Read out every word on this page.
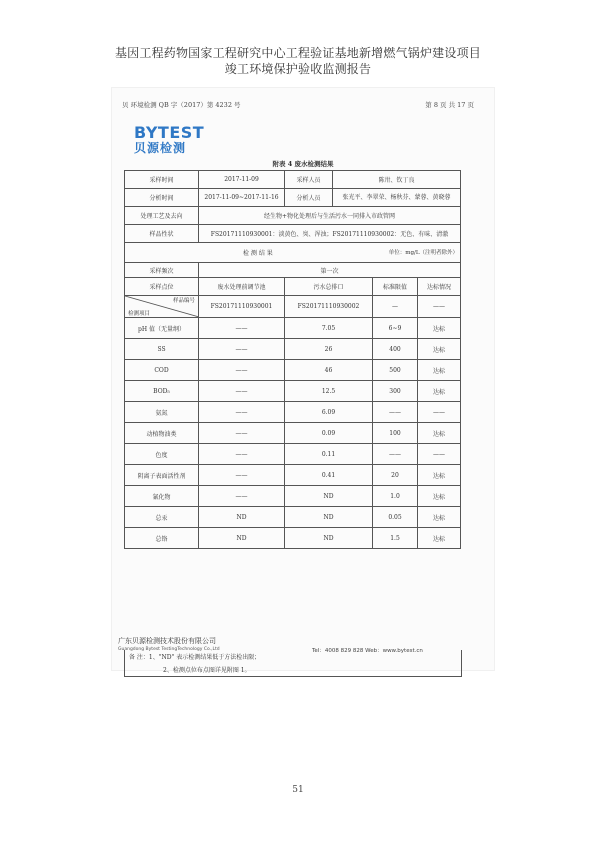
基因工程药物国家工程研究中心工程验证基地新增燃气锅炉建设项目
竣工环境保护验收监测报告
贝 环境检测 QB 字（2017）第 4232 号	第 8 页 共 17 页
BYTEST
贝源检测
附表 4 废水检测结果
采样时间	2017-11-09	采样人员	陈卅、钦丁良		
分析时间	2017-11-09~2017-11-16	分析人员	张光平、李翠荣、杨秋芬、蒙蓉、黄晓蓉		
处理工艺及去向	经生物+物化处理后与生活污水一同排入市政管网				
样品性状	FS20171110930001：淡黄色、臭、浑浊；FS20171110930002：无色、有味、清澈				
检 测 结 果 单位：mg/L（注明者除外）					

采样频次	第一次				
采样点位	废水处理前调节池	污水总排口		标准限值	达标情况

样品编号
检测项目	FS20171110930001	FS20171110930002		—	——
pH 值（无量纲）	——	7.05		6~9	达标
SS	——	26		400	达标
COD	——	46		500	达标
BOD₅	——	12.5		300	达标
氨氮	——	6.09		——	——
动植物油类	——	0.09		100	达标
色度	——	0.11		——	——
阴离子表面活性剂	——	0.41		20	达标
氰化物	——	ND		1.0	达标
总汞	ND	ND		0.05	达标
总铬	ND	ND		1.5	达标
备 注：1、"ND" 表示检测结果低于方法检出限；
2、检测点位布点图详见附图 1。
广东贝源检测技术股份有限公司
Guangdong Bytest TestingTechnology Co.,Ltd	Tel：4008 829 828 Web：www.bytest.cn
51
